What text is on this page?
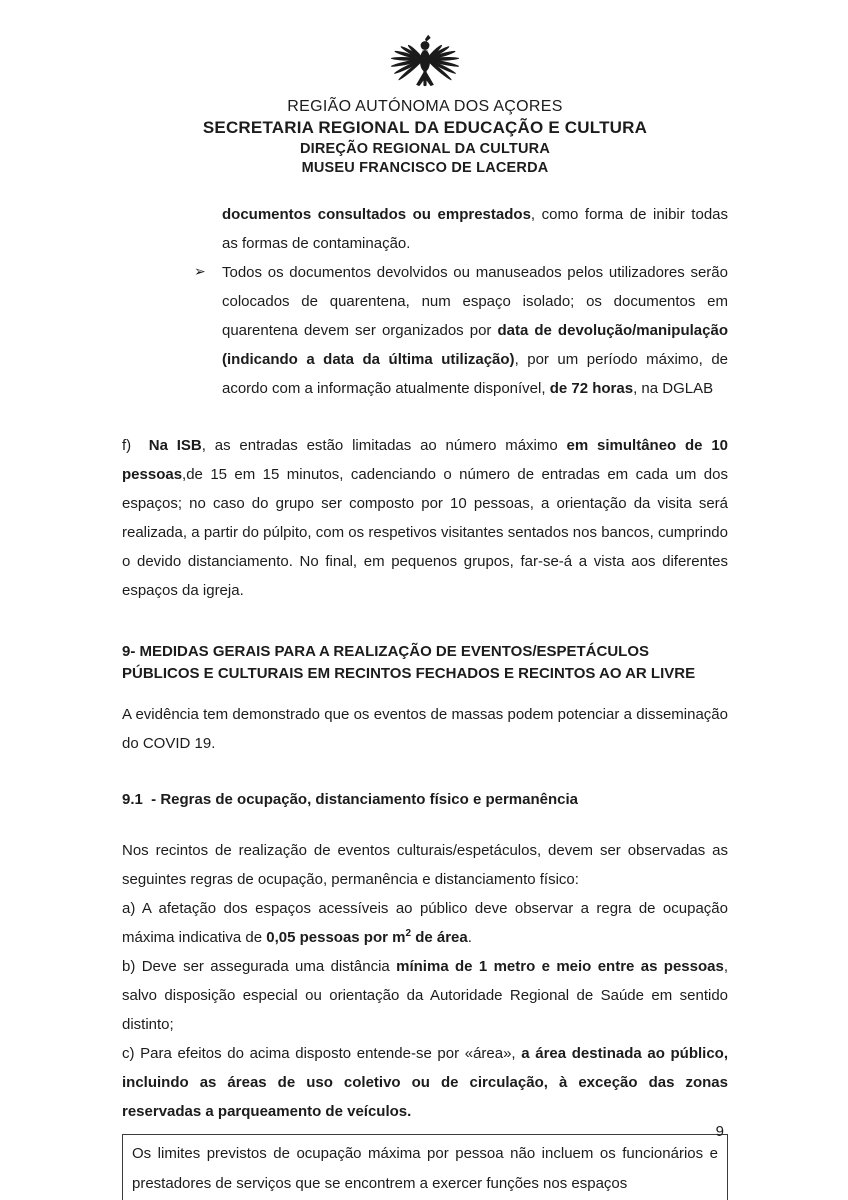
REGIÃO AUTÓNOMA DOS AÇORES
SECRETARIA REGIONAL DA EDUCAÇÃO E CULTURA
DIREÇÃO REGIONAL DA CULTURA
MUSEU FRANCISCO DE LACERDA

documentos consultados ou emprestados, como forma de inibir todas as formas de contaminação.

➢ Todos os documentos devolvidos ou manuseados pelos utilizadores serão colocados de quarentena, num espaço isolado; os documentos em quarentena devem ser organizados por data de devolução/manipulação (indicando a data da última utilização), por um período máximo, de acordo com a informação atualmente disponível, de 72 horas, na DGLAB

f)  Na ISB, as entradas estão limitadas ao número máximo em simultâneo de 10 pessoas,de 15 em 15 minutos, cadenciando o número de entradas em cada um dos espaços; no caso do grupo ser composto por 10 pessoas, a orientação da visita será realizada, a partir do púlpito, com os respetivos visitantes sentados nos bancos, cumprindo o devido distanciamento. No final, em pequenos grupos, far-se-á a vista aos diferentes espaços da igreja.

9- MEDIDAS GERAIS PARA A REALIZAÇÃO DE EVENTOS/ESPETÁCULOS PÚBLICOS E CULTURAIS EM RECINTOS FECHADOS E RECINTOS AO AR LIVRE

A evidência tem demonstrado que os eventos de massas podem potenciar a disseminação do COVID 19.

9.1  - Regras de ocupação, distanciamento físico e permanência

Nos recintos de realização de eventos culturais/espetáculos, devem ser observadas as seguintes regras de ocupação, permanência e distanciamento físico:

a) A afetação dos espaços acessíveis ao público deve observar a regra de ocupação máxima indicativa de 0,05 pessoas por $m^2$ de área.

b) Deve ser assegurada uma distância mínima de 1 metro e meio entre as pessoas, salvo disposição especial ou orientação da Autoridade Regional de Saúde em sentido distinto;

c) Para efeitos do acima disposto entende-se por «área», a área destinada ao público, incluindo as áreas de uso coletivo ou de circulação, à exceção das zonas reservadas a parqueamento de veículos.

Os limites previstos de ocupação máxima por pessoa não incluem os funcionários e prestadores de serviços que se encontrem a exercer funções nos espaços
9
